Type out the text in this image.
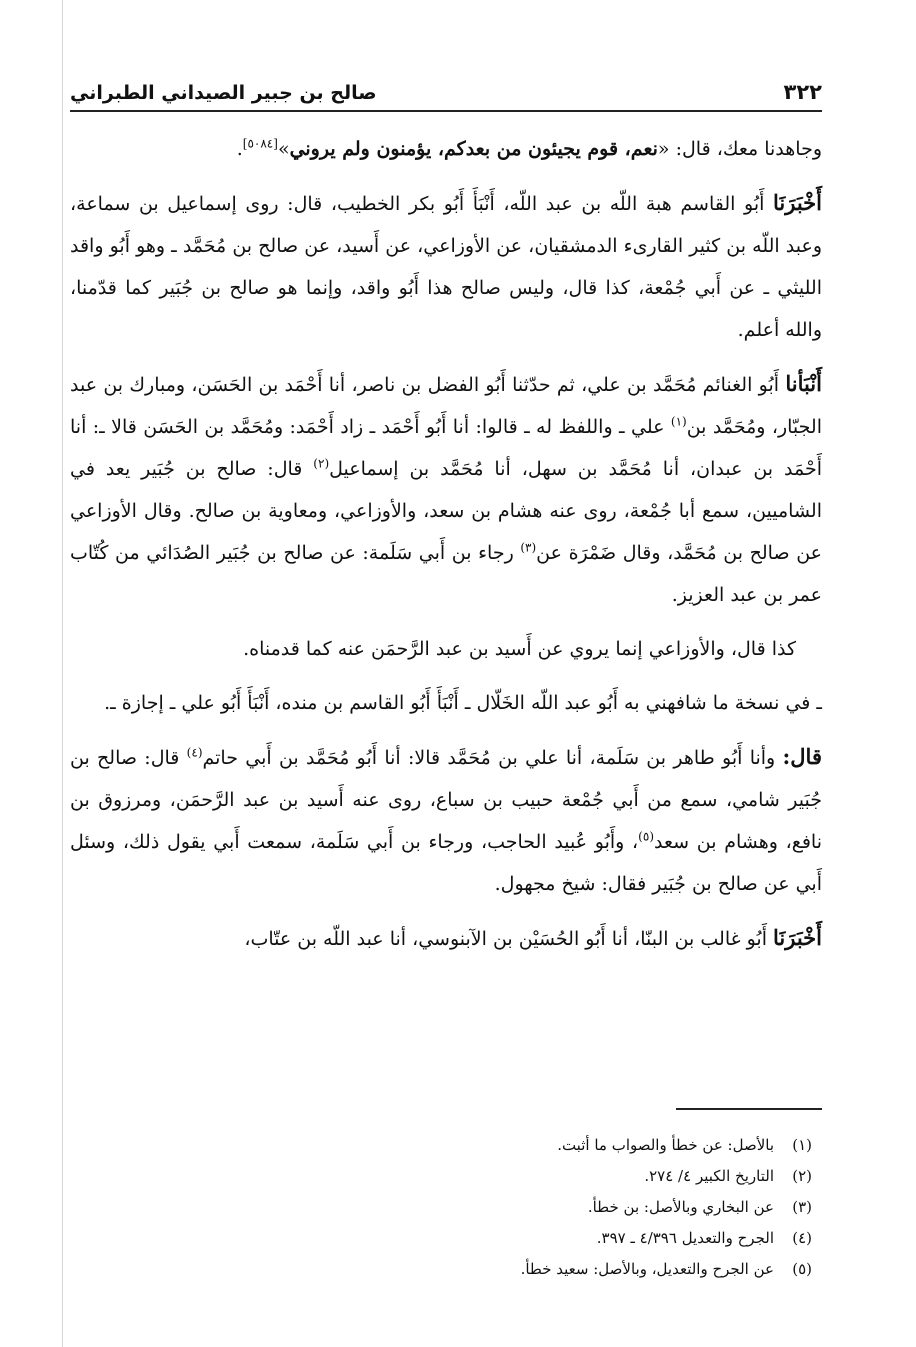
٣٢٢
صالح بن جبير الصيداني الطبراني

وجاهدنا معك، قال: «نعم، قوم يجيئون من بعدكم، يؤمنون ولم يروني»[٥٠٨٤].

أَخْبَرَنَا أَبُو القاسم هبة اللّه بن عبد اللّه، أَنْبَأَ أَبُو بكر الخطيب، قال: روى إسماعيل بن سماعة، وعبد اللّه بن كثير القارىء الدمشقيان، عن الأوزاعي، عن أَسيد، عن صالح بن مُحَمَّد ـ وهو أَبُو واقد الليثي ـ عن أَبي جُمْعة، كذا قال، وليس صالح هذا أَبُو واقد، وإنما هو صالح بن جُبَير كما قدّمنا، والله أعلم.

أَنْبَأنا أَبُو الغنائم مُحَمَّد بن علي، ثم حدّثنا أَبُو الفضل بن ناصر، أنا أَحْمَد بن الحَسَن، ومبارك بن عبد الجبّار، ومُحَمَّد بن$^{(١)}$ علي ـ واللفظ له ـ قالوا: أنا أَبُو أَحْمَد ـ زاد أَحْمَد: ومُحَمَّد بن الحَسَن قالا ـ: أنا أَحْمَد بن عبدان، أنا مُحَمَّد بن سهل، أنا مُحَمَّد بن إسماعيل$^{(٢)}$ قال: صالح بن جُبَير يعد في الشاميين، سمع أبا جُمْعة، روى عنه هشام بن سعد، والأوزاعي، ومعاوية بن صالح. وقال الأوزاعي عن صالح بن مُحَمَّد، وقال ضَمْرَة عن$^{(٣)}$ رجاء بن أَبي سَلَمة: عن صالح بن جُبَير الصُدَائي من كُتّاب عمر بن عبد العزيز.

كذا قال، والأوزاعي إنما يروي عن أَسيد بن عبد الرَّحمَن عنه كما قدمناه.

ـ في نسخة ما شافهني به أَبُو عبد اللّه الخَلّال ـ أَنْبَأَ أَبُو القاسم بن منده، أَنْبَأَ أَبُو علي ـ إجازة ـ.

قال: وأنا أَبُو طاهر بن سَلَمة، أنا علي بن مُحَمَّد قالا: أنا أَبُو مُحَمَّد بن أَبي حاتم$^{(٤)}$ قال: صالح بن جُبَير شامي، سمع من أَبي جُمْعة حبيب بن سباع، روى عنه أَسيد بن عبد الرَّحمَن، ومرزوق بن نافع، وهشام بن سعد$^{(٥)}$، وأَبُو عُبيد الحاجب، ورجاء بن أَبي سَلَمة، سمعت أَبي يقول ذلك، وسئل أَبي عن صالح بن جُبَير فقال: شيخ مجهول.

أَخْبَرَنَا أَبُو غالب بن البنّا، أنا أَبُو الحُسَيْن بن الآبنوسي، أنا عبد اللّه بن عتّاب،

(١)
بالأصل: عن خطأ والصواب ما أثبت.
(٢)
التاريخ الكبير ٤/ ٢٧٤.
(٣)
عن البخاري وبالأصل: بن خطأ.
(٤)
الجرح والتعديل ٤/٣٩٦ ـ ٣٩٧.
(٥)
عن الجرح والتعديل، وبالأصل: سعيد خطأ.
